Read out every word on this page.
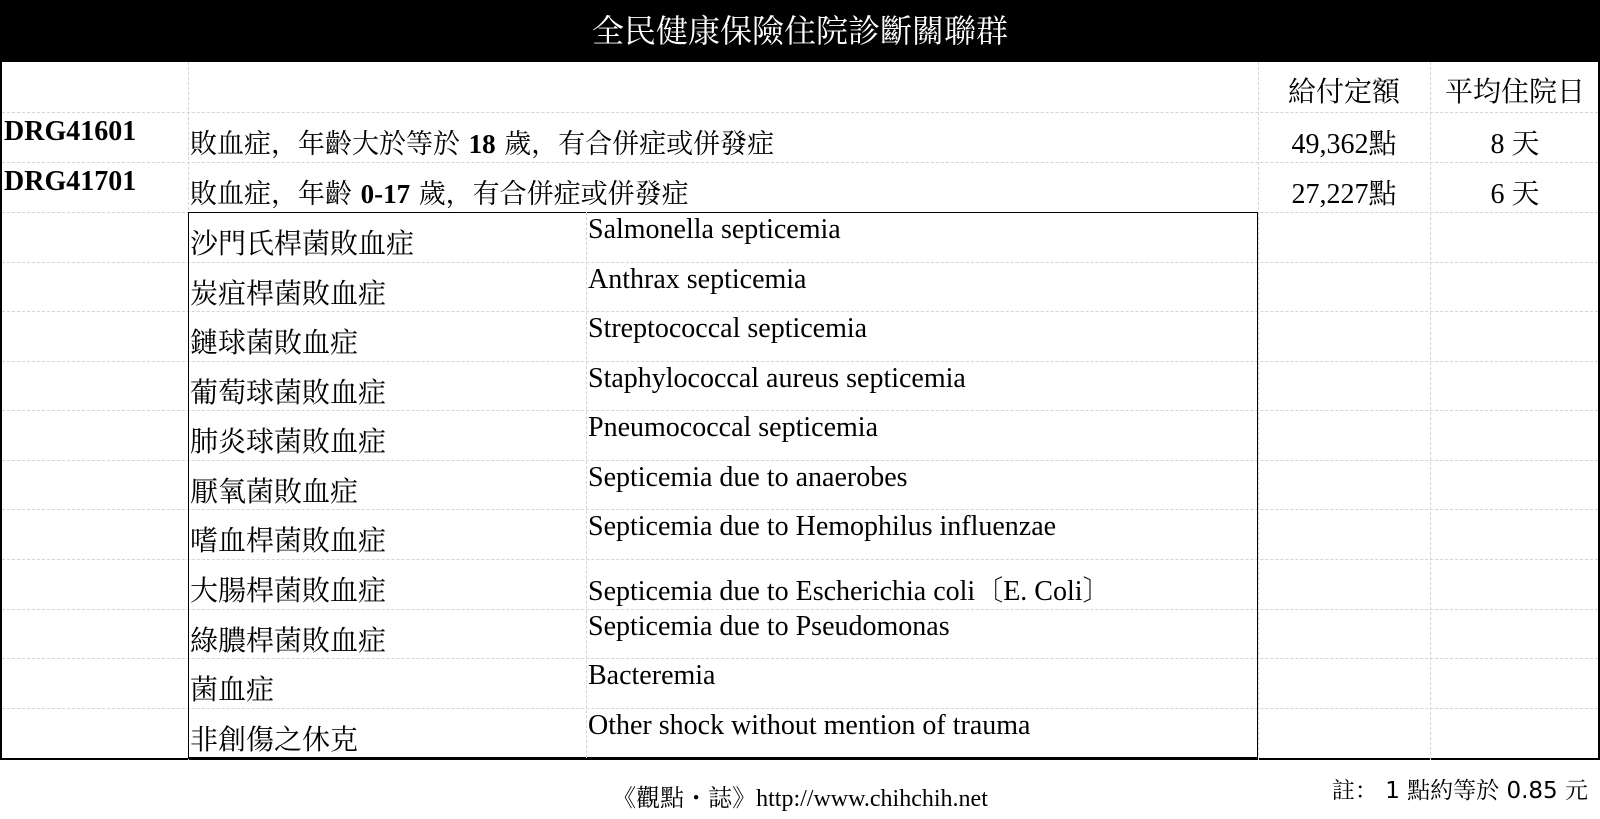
全民健康保險住院診斷關聯群
給付定額	平均住院日
DRG41601 敗血症，年齡大於等於 18 歲，有合併症或併發症	49,362點	8 天
DRG41701 敗血症，年齡 0-17 歲，有合併症或併發症	27,227點	6 天
沙門氏桿菌敗血症	Salmonella septicemia
炭疽桿菌敗血症	Anthrax septicemia
鏈球菌敗血症	Streptococcal septicemia
葡萄球菌敗血症	Staphylococcal aureus septicemia
肺炎球菌敗血症	Pneumococcal septicemia
厭氧菌敗血症	Septicemia due to anaerobes
嗜血桿菌敗血症	Septicemia due to Hemophilus influenzae
大腸桿菌敗血症	Septicemia due to Escherichia coli〔E. Coli〕
綠膿桿菌敗血症	Septicemia due to Pseudomonas
菌血症	Bacteremia
非創傷之休克	Other shock without mention of trauma
《觀點・誌》http://www.chihchih.net	註： 1 點約等於 0.85 元
